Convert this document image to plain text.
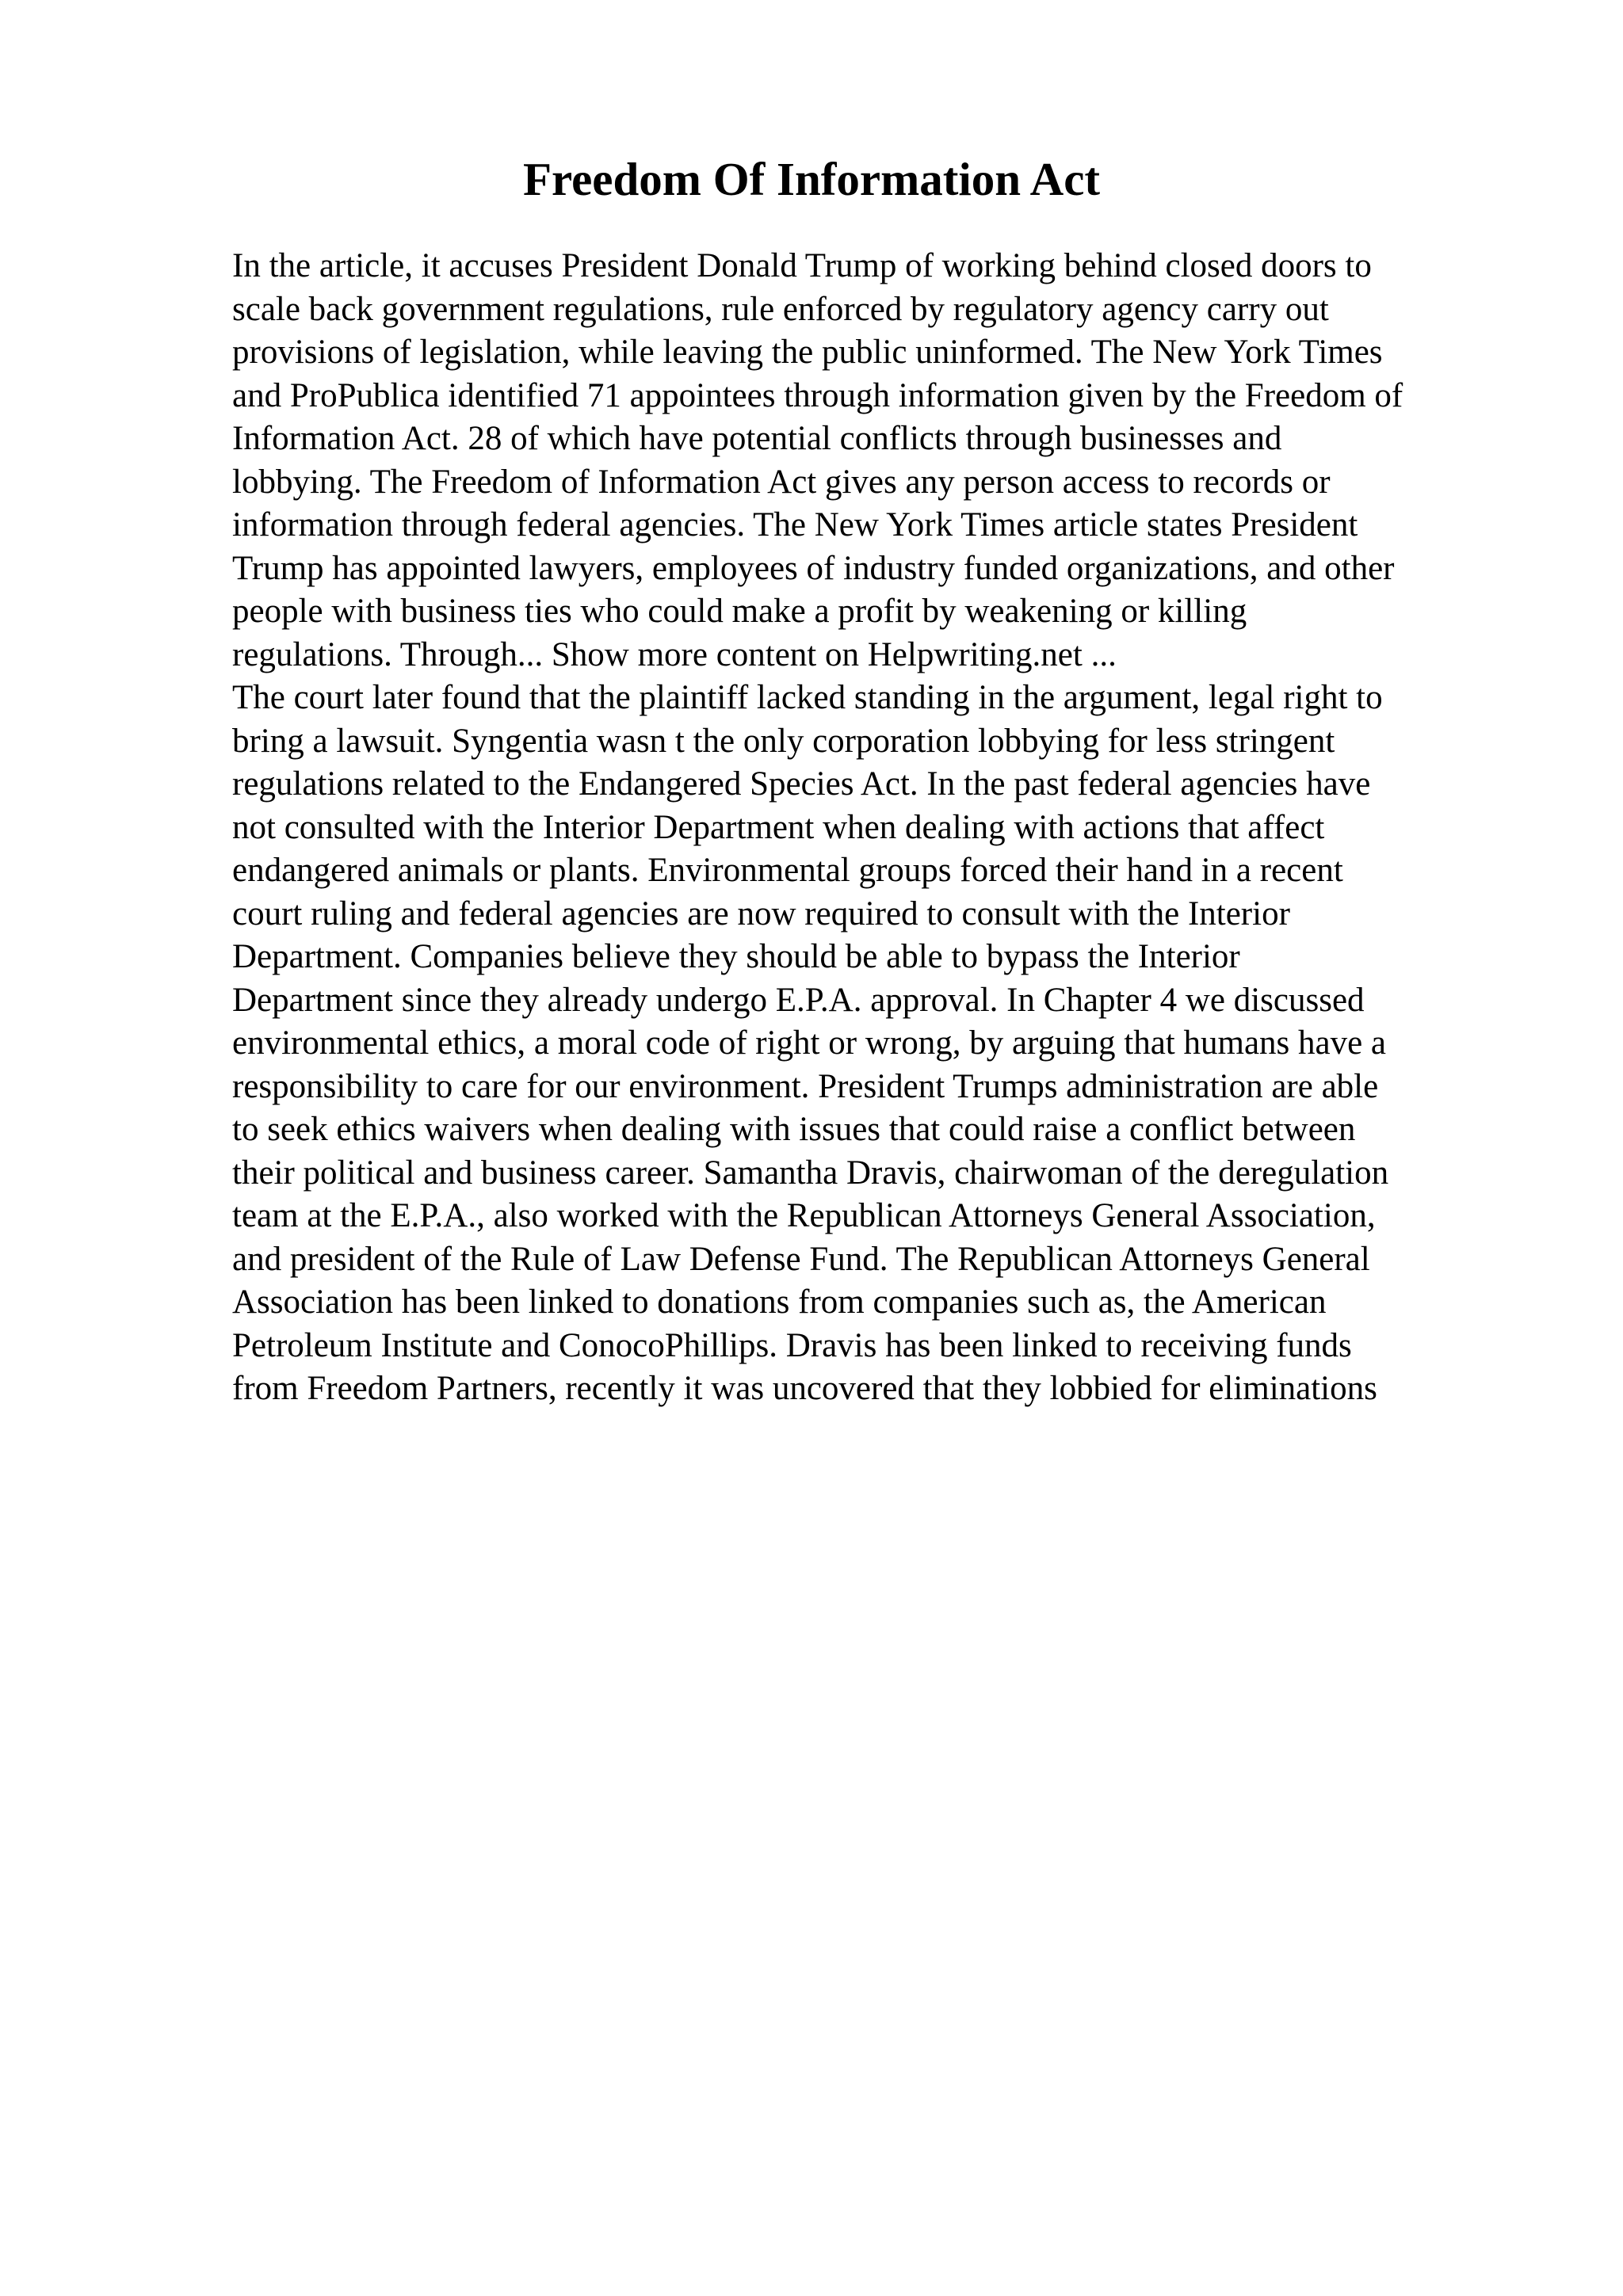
Freedom Of Information Act
In the article, it accuses President Donald Trump of working behind closed doors to
scale back government regulations, rule enforced by regulatory agency carry out
provisions of legislation, while leaving the public uninformed. The New York Times
and ProPublica identified 71 appointees through information given by the Freedom of
Information Act. 28 of which have potential conflicts through businesses and
lobbying. The Freedom of Information Act gives any person access to records or
information through federal agencies. The New York Times article states President
Trump has appointed lawyers, employees of industry funded organizations, and other
people with business ties who could make a profit by weakening or killing
regulations. Through... Show more content on Helpwriting.net ...
The court later found that the plaintiff lacked standing in the argument, legal right to
bring a lawsuit. Syngentia wasn t the only corporation lobbying for less stringent
regulations related to the Endangered Species Act. In the past federal agencies have
not consulted with the Interior Department when dealing with actions that affect
endangered animals or plants. Environmental groups forced their hand in a recent
court ruling and federal agencies are now required to consult with the Interior
Department. Companies believe they should be able to bypass the Interior
Department since they already undergo E.P.A. approval. In Chapter 4 we discussed
environmental ethics, a moral code of right or wrong, by arguing that humans have a
responsibility to care for our environment. President Trumps administration are able
to seek ethics waivers when dealing with issues that could raise a conflict between
their political and business career. Samantha Dravis, chairwoman of the deregulation
team at the E.P.A., also worked with the Republican Attorneys General Association,
and president of the Rule of Law Defense Fund. The Republican Attorneys General
Association has been linked to donations from companies such as, the American
Petroleum Institute and ConocoPhillips. Dravis has been linked to receiving funds
from Freedom Partners, recently it was uncovered that they lobbied for eliminations
